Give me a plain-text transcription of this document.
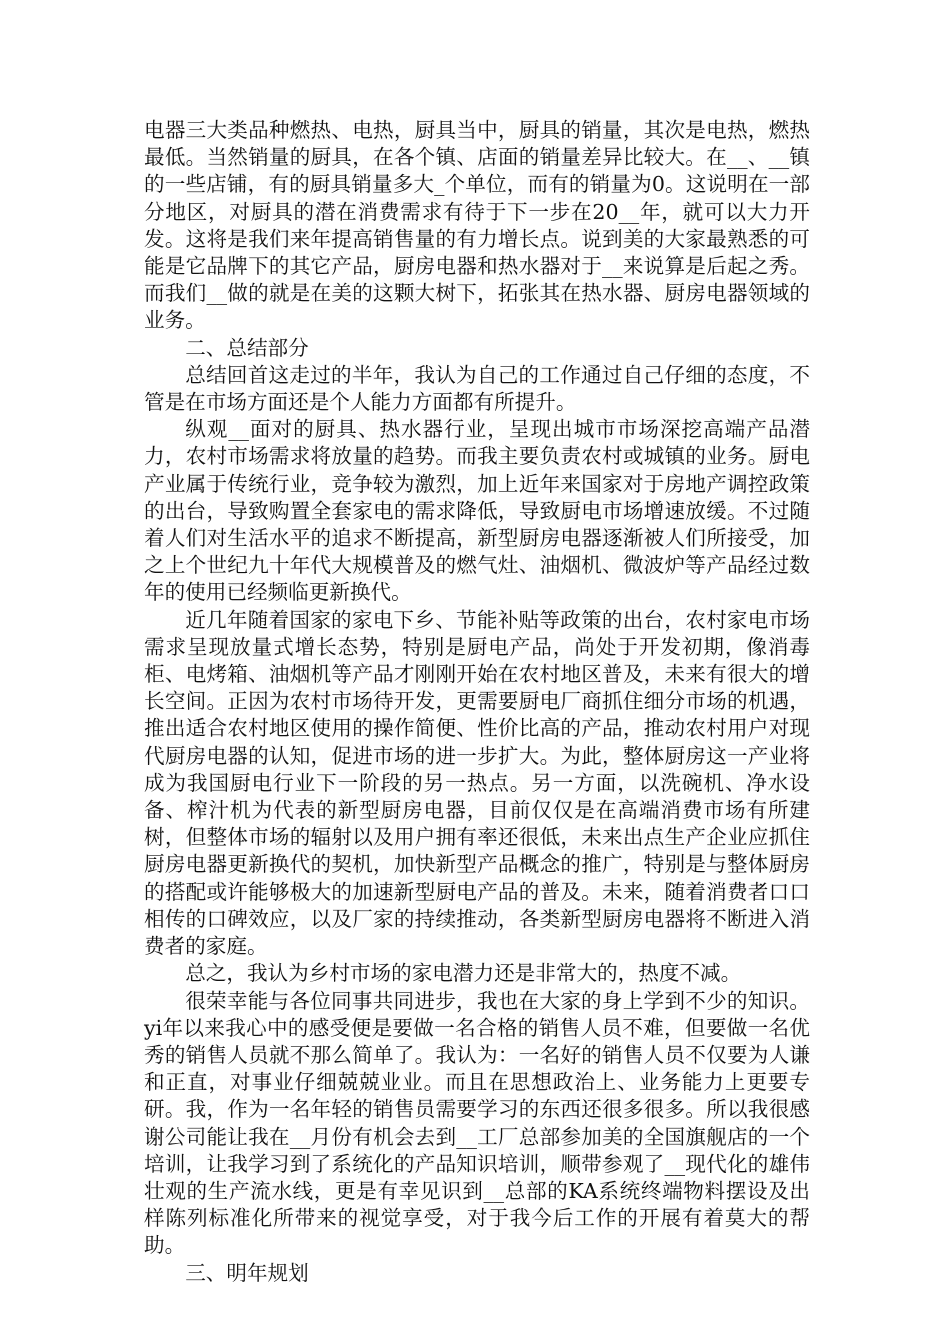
电器三大类品种燃热、电热，厨具当中，厨具的销量，其次是电热，燃热最低。当然销量的厨具，在各个镇、店面的销量差异比较大。在__、__镇的一些店铺，有的厨具销量多大_个单位，而有的销量为0。这说明在一部分地区，对厨具的潜在消费需求有待于下一步在20__年，就可以大力开发。这将是我们来年提高销售量的有力增长点。说到美的大家最熟悉的可能是它品牌下的其它产品，厨房电器和热水器对于__来说算是后起之秀。而我们__做的就是在美的这颗大树下，拓张其在热水器、厨房电器领域的业务。

二、总结部分

总结回首这走过的半年，我认为自己的工作通过自己仔细的态度，不管是在市场方面还是个人能力方面都有所提升。

纵观__面对的厨具、热水器行业，呈现出城市市场深挖高端产品潜力，农村市场需求将放量的趋势。而我主要负责农村或城镇的业务。厨电产业属于传统行业，竞争较为激烈，加上近年来国家对于房地产调控政策的出台，导致购置全套家电的需求降低，导致厨电市场增速放缓。不过随着人们对生活水平的追求不断提高，新型厨房电器逐渐被人们所接受，加之上个世纪九十年代大规模普及的燃气灶、油烟机、微波炉等产品经过数年的使用已经频临更新换代。

近几年随着国家的家电下乡、节能补贴等政策的出台，农村家电市场需求呈现放量式增长态势，特别是厨电产品，尚处于开发初期，像消毒柜、电烤箱、油烟机等产品才刚刚开始在农村地区普及，未来有很大的增长空间。正因为农村市场待开发，更需要厨电厂商抓住细分市场的机遇，推出适合农村地区使用的操作简便、性价比高的产品，推动农村用户对现代厨房电器的认知，促进市场的进一步扩大。为此，整体厨房这一产业将成为我国厨电行业下一阶段的另一热点。另一方面，以洗碗机、净水设备、榨汁机为代表的新型厨房电器，目前仅仅是在高端消费市场有所建树，但整体市场的辐射以及用户拥有率还很低，未来出点生产企业应抓住厨房电器更新换代的契机，加快新型产品概念的推广，特别是与整体厨房的搭配或许能够极大的加速新型厨电产品的普及。未来，随着消费者口口相传的口碑效应，以及厂家的持续推动，各类新型厨房电器将不断进入消费者的家庭。

总之，我认为乡村市场的家电潜力还是非常大的，热度不减。

很荣幸能与各位同事共同进步，我也在大家的身上学到不少的知识。yi年以来我心中的感受便是要做一名合格的销售人员不难，但要做一名优秀的销售人员就不那么简单了。我认为：一名好的销售人员不仅要为人谦和正直，对事业仔细兢兢业业。而且在思想政治上、业务能力上更要专研。我，作为一名年轻的销售员需要学习的东西还很多很多。所以我很感谢公司能让我在__月份有机会去到__工厂总部参加美的全国旗舰店的一个培训，让我学习到了系统化的产品知识培训，顺带参观了__现代化的雄伟壮观的生产流水线，更是有幸见识到__总部的KA系统终端物料摆设及出样陈列标准化所带来的视觉享受，对于我今后工作的开展有着莫大的帮助。

三、明年规划
